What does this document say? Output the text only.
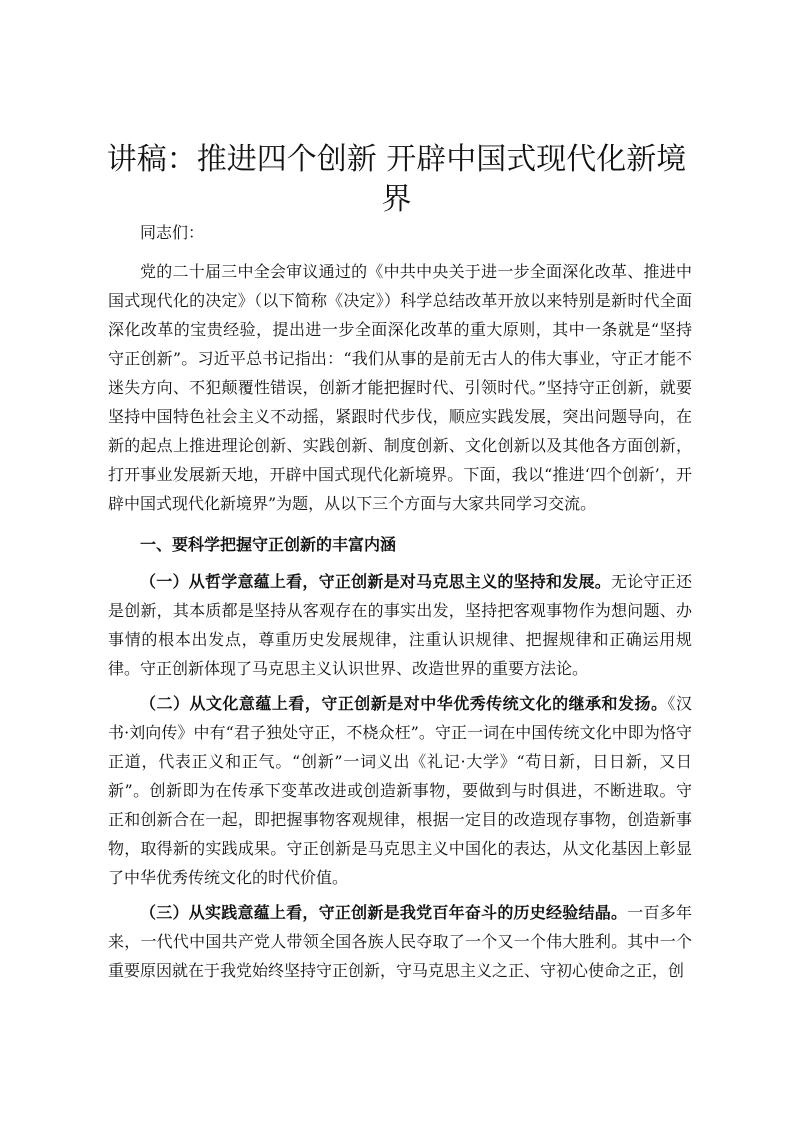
讲稿：推进四个创新 开辟中国式现代化新境界

同志们：

党的二十届三中全会审议通过的《中共中央关于进一步全面深化改革、推进中国式现代化的决定》（以下简称《决定》）科学总结改革开放以来特别是新时代全面深化改革的宝贵经验，提出进一步全面深化改革的重大原则，其中一条就是“坚持守正创新”。习近平总书记指出：“我们从事的是前无古人的伟大事业，守正才能不迷失方向、不犯颠覆性错误，创新才能把握时代、引领时代。”坚持守正创新，就要坚持中国特色社会主义不动摇，紧跟时代步伐，顺应实践发展，突出问题导向，在新的起点上推进理论创新、实践创新、制度创新、文化创新以及其他各方面创新，打开事业发展新天地，开辟中国式现代化新境界。下面，我以“推进‘四个创新’，开辟中国式现代化新境界”为题，从以下三个方面与大家共同学习交流。

一、要科学把握守正创新的丰富内涵

（一）从哲学意蕴上看，守正创新是对马克思主义的坚持和发展。无论守正还是创新，其本质都是坚持从客观存在的事实出发，坚持把客观事物作为想问题、办事情的根本出发点，尊重历史发展规律，注重认识规律、把握规律和正确运用规律。守正创新体现了马克思主义认识世界、改造世界的重要方法论。

（二）从文化意蕴上看，守正创新是对中华优秀传统文化的继承和发扬。《汉书·刘向传》中有“君子独处守正，不桡众枉”。守正一词在中国传统文化中即为恪守正道，代表正义和正气。“创新”一词义出《礼记·大学》“苟日新，日日新，又日新”。创新即为在传承下变革改进或创造新事物，要做到与时俱进，不断进取。守正和创新合在一起，即把握事物客观规律，根据一定目的改造现存事物，创造新事物，取得新的实践成果。守正创新是马克思主义中国化的表达，从文化基因上彰显了中华优秀传统文化的时代价值。

（三）从实践意蕴上看，守正创新是我党百年奋斗的历史经验结晶。一百多年来，一代代中国共产党人带领全国各族人民夺取了一个又一个伟大胜利。其中一个重要原因就在于我党始终坚持守正创新，守马克思主义之正、守初心使命之正，创
